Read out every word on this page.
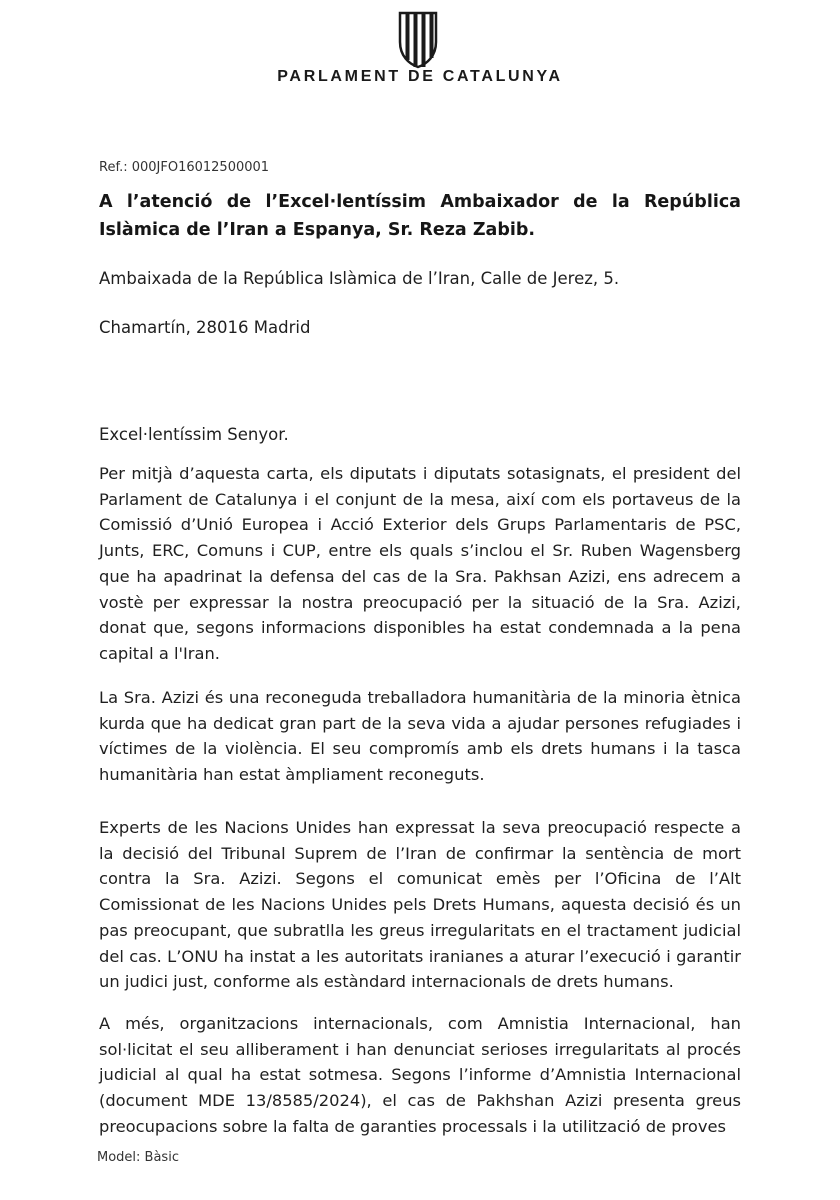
PARLAMENT DE CATALUNYA
Ref.: 000JFO16012500001
A l’atenció de l’Excel·lentíssim Ambaixador de la República Islàmica de l’Iran a Espanya, Sr. Reza Zabib.
Ambaixada de la República Islàmica de l’Iran, Calle de Jerez, 5.
Chamartín, 28016 Madrid
Excel·lentíssim Senyor.
Per mitjà d’aquesta carta, els diputats i diputats sotasignats, el president del Parlament de Catalunya i el conjunt de la mesa, així com els portaveus de la Comissió d’Unió Europea i Acció Exterior dels Grups Parlamentaris de PSC, Junts, ERC, Comuns i CUP, entre els quals s’inclou el Sr. Ruben Wagensberg que ha apadrinat la defensa del cas de la Sra. Pakhsan Azizi, ens adrecem a vostè per expressar la nostra preocupació per la situació de la Sra. Azizi, donat que, segons informacions disponibles ha estat condemnada a la pena capital a l'Iran.
La Sra. Azizi és una reconeguda treballadora humanitària de la minoria ètnica kurda que ha dedicat gran part de la seva vida a ajudar persones refugiades i víctimes de la violència. El seu compromís amb els drets humans i la tasca humanitària han estat àmpliament reconeguts.
Experts de les Nacions Unides han expressat la seva preocupació respecte a la decisió del Tribunal Suprem de l’Iran de confirmar la sentència de mort contra la Sra. Azizi. Segons el comunicat emès per l’Oficina de l’Alt Comissionat de les Nacions Unides pels Drets Humans, aquesta decisió és un pas preocupant, que subratlla les greus irregularitats en el tractament judicial del cas. L’ONU ha instat a les autoritats iranianes a aturar l’execució i garantir un judici just, conforme als estàndard internacionals de drets humans.
A més, organitzacions internacionals, com Amnistia Internacional, han sol·licitat el seu alliberament i han denunciat serioses irregularitats al procés judicial al qual ha estat sotmesa. Segons l’informe d’Amnistia Internacional (document MDE 13/8585/2024), el cas de Pakhshan Azizi presenta greus preocupacions sobre la falta de garanties processals i la utilització de proves
Model: Bàsic
